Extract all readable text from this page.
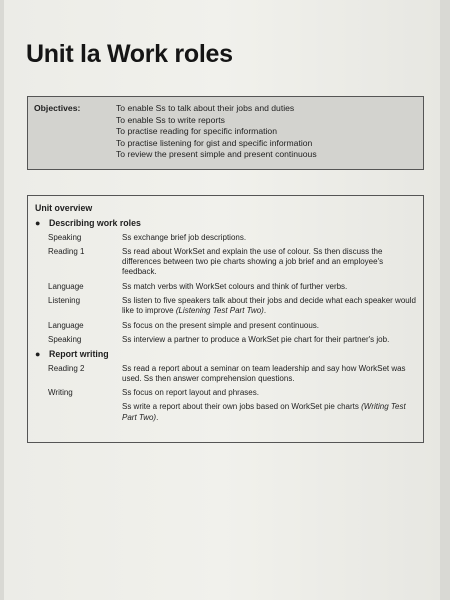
Unit la Work roles
Objectives:	To enable Ss to talk about their jobs and duties
To enable Ss to write reports
To practise reading for specific information
To practise listening for gist and specific information
To review the present simple and present continuous
Unit overview
● Describing work roles
Speaking	Ss exchange brief job descriptions.
Reading 1	Ss read about WorkSet and explain the use of colour. Ss then discuss the differences between two pie charts showing a job brief and an employee's feedback.
Language	Ss match verbs with WorkSet colours and think of further verbs.
Listening	Ss listen to five speakers talk about their jobs and decide what each speaker would like to improve (Listening Test Part Two).
Language	Ss focus on the present simple and present continuous.
Speaking	Ss interview a partner to produce a WorkSet pie chart for their partner's job.
● Report writing
Reading 2	Ss read a report about a seminar on team leadership and say how WorkSet was used. Ss then answer comprehension questions.
Writing	Ss focus on report layout and phrases.
Ss write a report about their own jobs based on WorkSet pie charts (Writing Test Part Two).
